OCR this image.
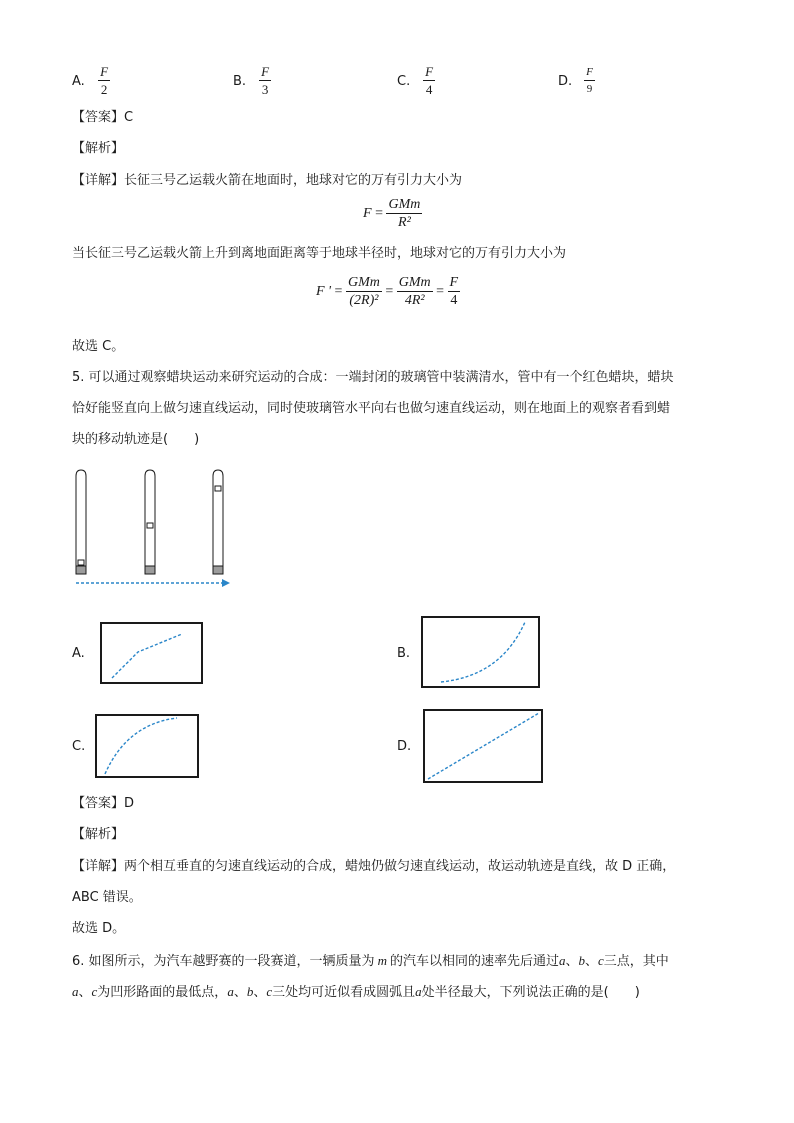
A. $\frac{F}{2}$	B. $\frac{F}{3}$	C. $\frac{F}{4}$	D. $\frac{F}{9}$
【答案】C
【解析】
【详解】长征三号乙运载火箭在地面时，地球对它的万有引力大小为
$F = \frac{\text{GMm}}{\text{R²}}$
当长征三号乙运载火箭上升到离地面距离等于地球半径时，地球对它的万有引力大小为
F ' = $\frac{\text{GMm}}{\text{(2R)²}} = \frac{\text{GMm}}{\text{4R²}} = \frac{F}{4}$
故选 C。
5. 可以通过观察蜡块运动来研究运动的合成：一端封闭的玻璃管中装满清水，管中有一个红色蜡块，蜡块
恰好能竖直向上做匀速直线运动，同时使玻璃管水平向右也做匀速直线运动，则在地面上的观察者看到蜡
块的移动轨迹是(　　)
A.	B.
C.	D.
【答案】D
【解析】
【详解】两个相互垂直的匀速直线运动的合成，蜡烛仍做匀速直线运动，故运动轨迹是直线，故 D 正确，
ABC 错误。
故选 D。
6. 如图所示，为汽车越野赛的一段赛道，一辆质量为 m 的汽车以相同的速率先后通过a、b、c三点，其中
a、c为凹形路面的最低点，a、b、c三处均可近似看成圆弧且a处半径最大，下列说法正确的是(　　)
